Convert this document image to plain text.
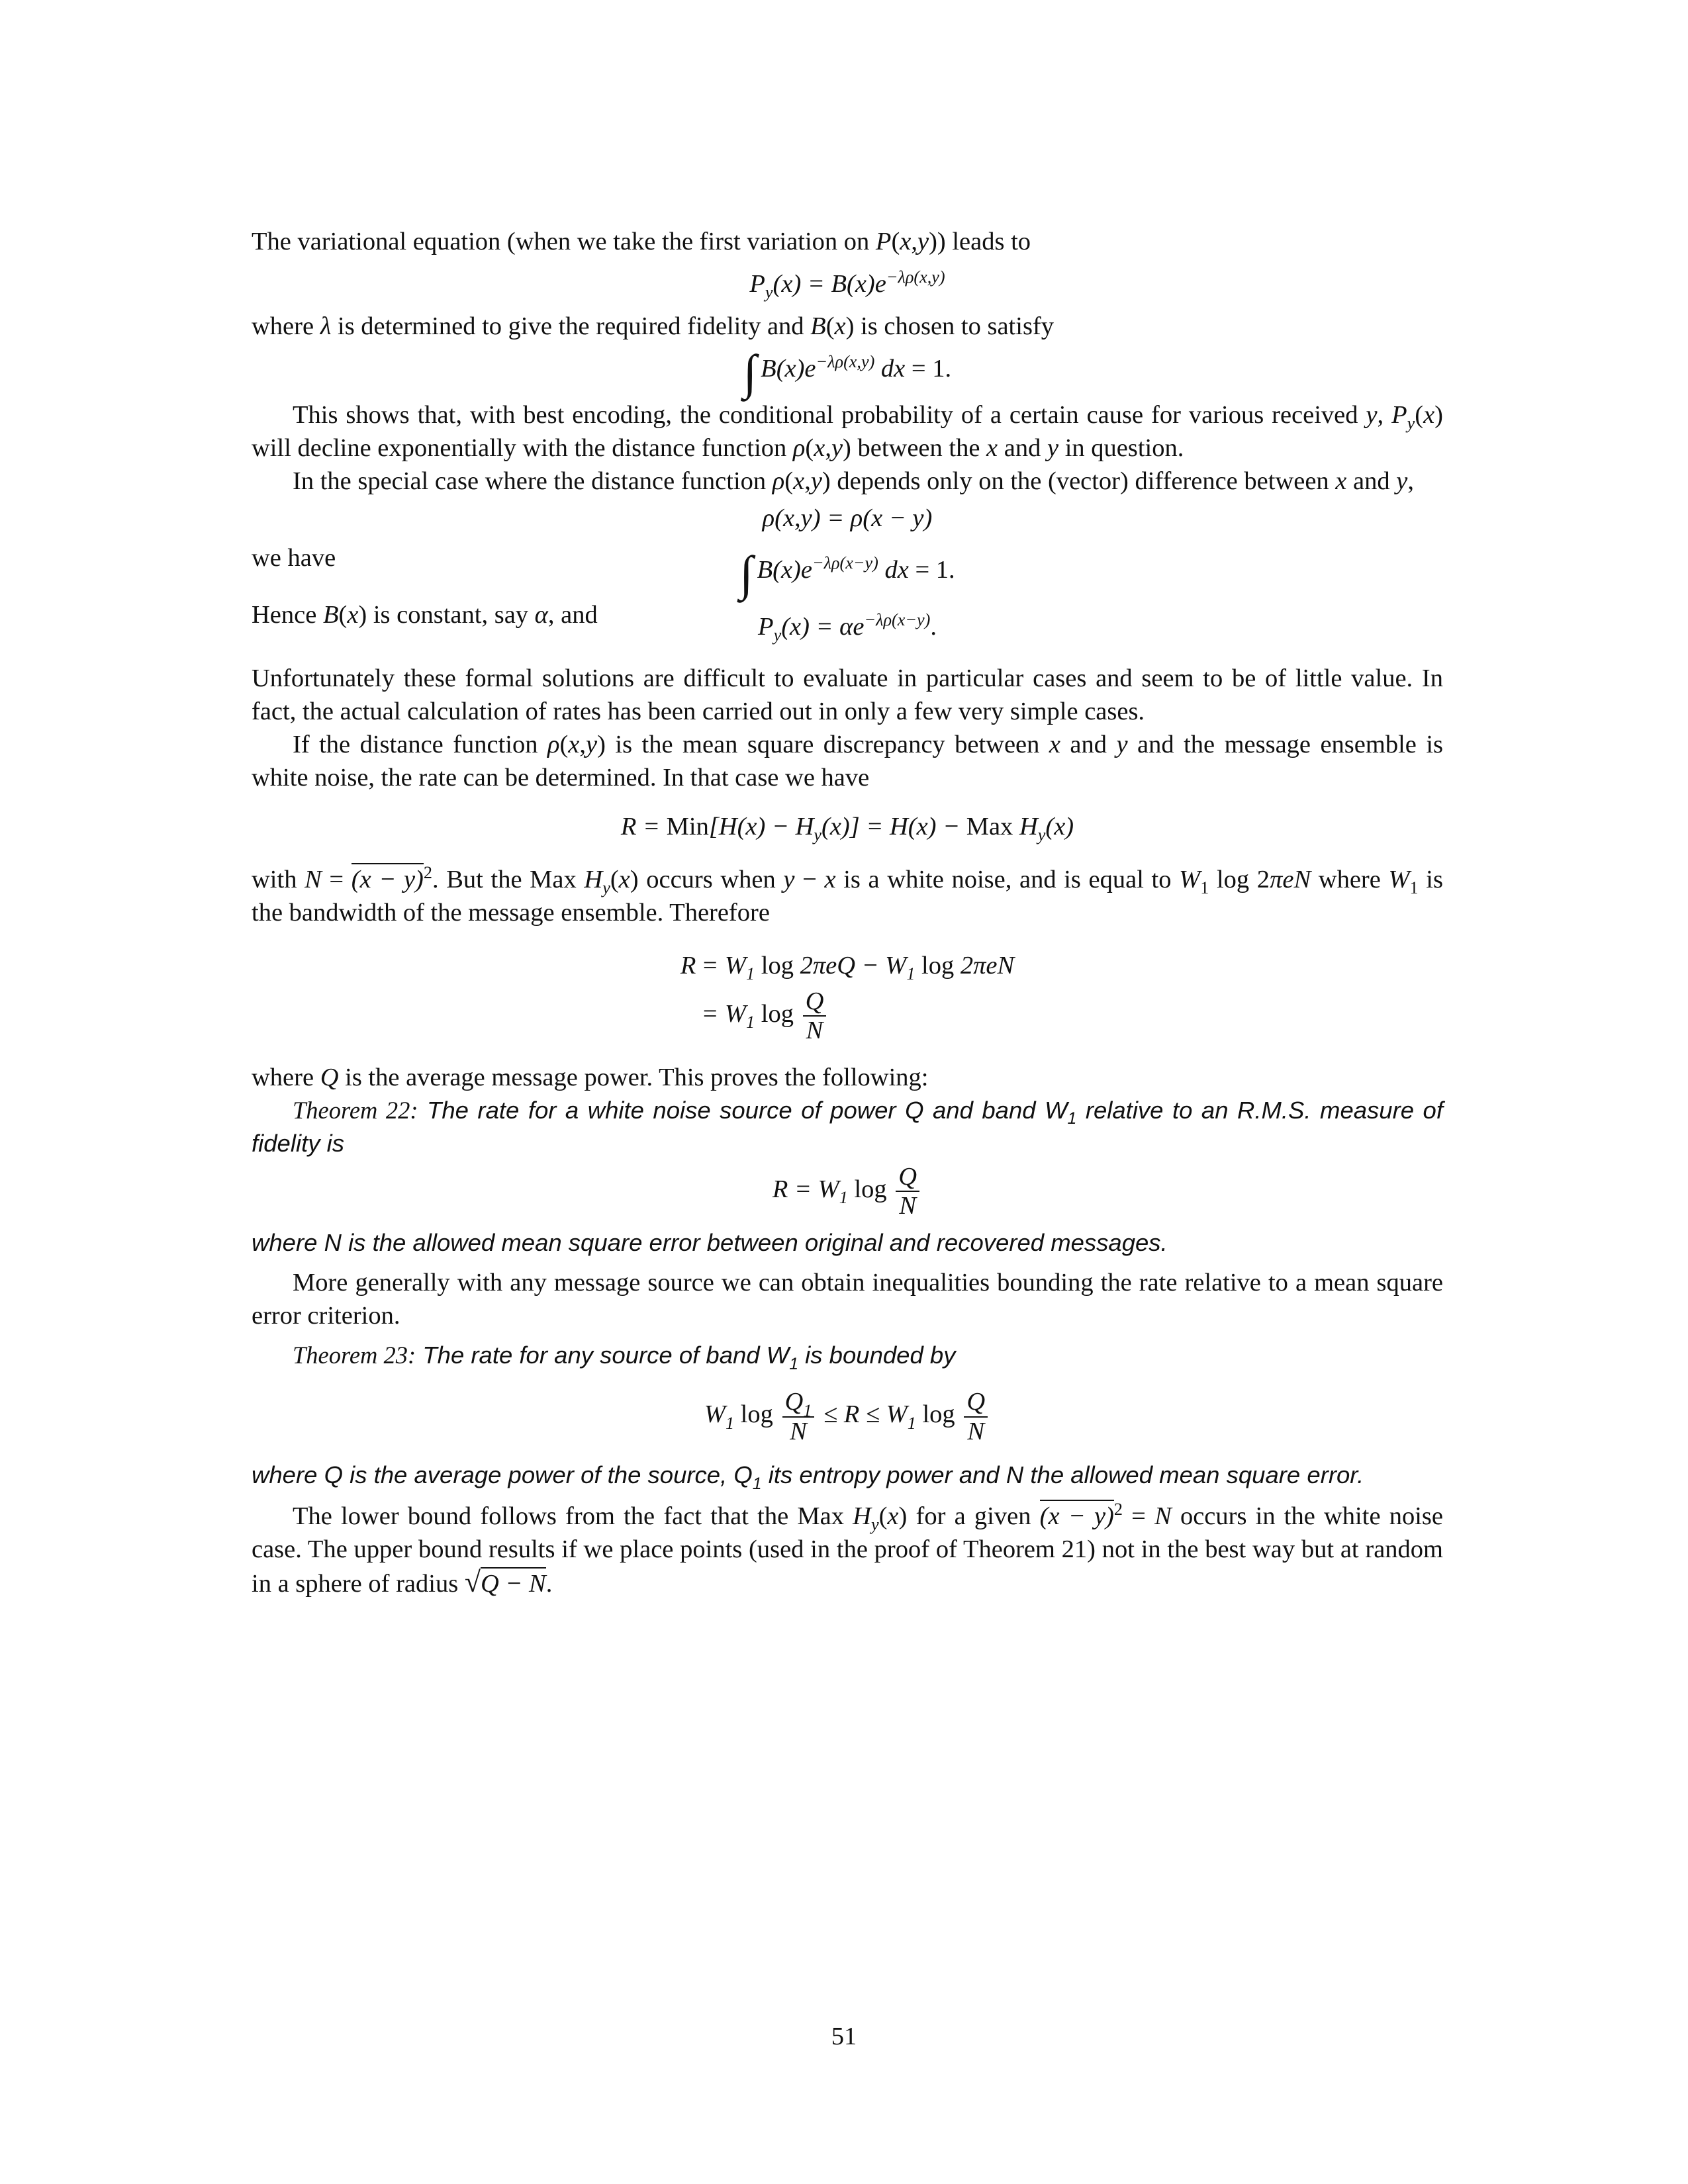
The variational equation (when we take the first variation on P(x,y)) leads to

$P_y(x) = B(x)e^{-\lambda\rho(x,y)}$

where λ is determined to give the required fidelity and B(x) is chosen to satisfy

∫ $B(x)e^{-\lambda\rho(x,y)}$ dx = 1.

This shows that, with best encoding, the conditional probability of a certain cause for various received y, $P_y(x)$ will decline exponentially with the distance function ρ(x,y) between the x and y in question.

In the special case where the distance function ρ(x,y) depends only on the (vector) difference between x and y,

ρ(x,y) = ρ(x − y)
we have	∫ $B(x)e^{-\lambda\rho(x-y)}$ dx = 1.
Hence B(x) is constant, say α, and	$P_y(x) = \alpha e^{-\lambda\rho(x-y)}$.

Unfortunately these formal solutions are difficult to evaluate in particular cases and seem to be of little value. In fact, the actual calculation of rates has been carried out in only a few very simple cases.

If the distance function ρ(x,y) is the mean square discrepancy between x and y and the message ensemble is white noise, the rate can be determined. In that case we have

$R = Min[H(x) - H_y(x)] = H(x)$ − Max $H_y(x)$

with $N = (x - y)^2$. But the Max $H_y(x)$ occurs when y − x is a white noise, and is equal to $W_1$ log 2πeN where $W_1$ is the bandwidth of the message ensemble. Therefore

R	= $W_1$ $\log 2\pi eQ - W_1$ log 2πeN
	= $W_1$ $\log \frac{Q}{N}$

where Q is the average message power. This proves the following:

Theorem 22: The rate for a white noise source of power Q and band $W_1$ relative to an R.M.S. measure of fidelity is

$R = W_1$ $\log \frac{Q}{N}$

where N is the allowed mean square error between original and recovered messages.

More generally with any message source we can obtain inequalities bounding the rate relative to a mean square error criterion.

Theorem 23: The rate for any source of band $W_1$ is bounded by

$W_1$ $\log \frac{Q_1}{N} \le R \le W_1$ $\log \frac{Q}{N}$

where Q is the average power of the source, $Q_1$ its entropy power and N the allowed mean square error.

The lower bound follows from the fact that the Max $H_y(x)$ for a given $(x - y)^2 = N$ occurs in the white noise case. The upper bound results if we place points (used in the proof of Theorem 21) not in the best way but at random in a sphere of radius √Q − N.

51
